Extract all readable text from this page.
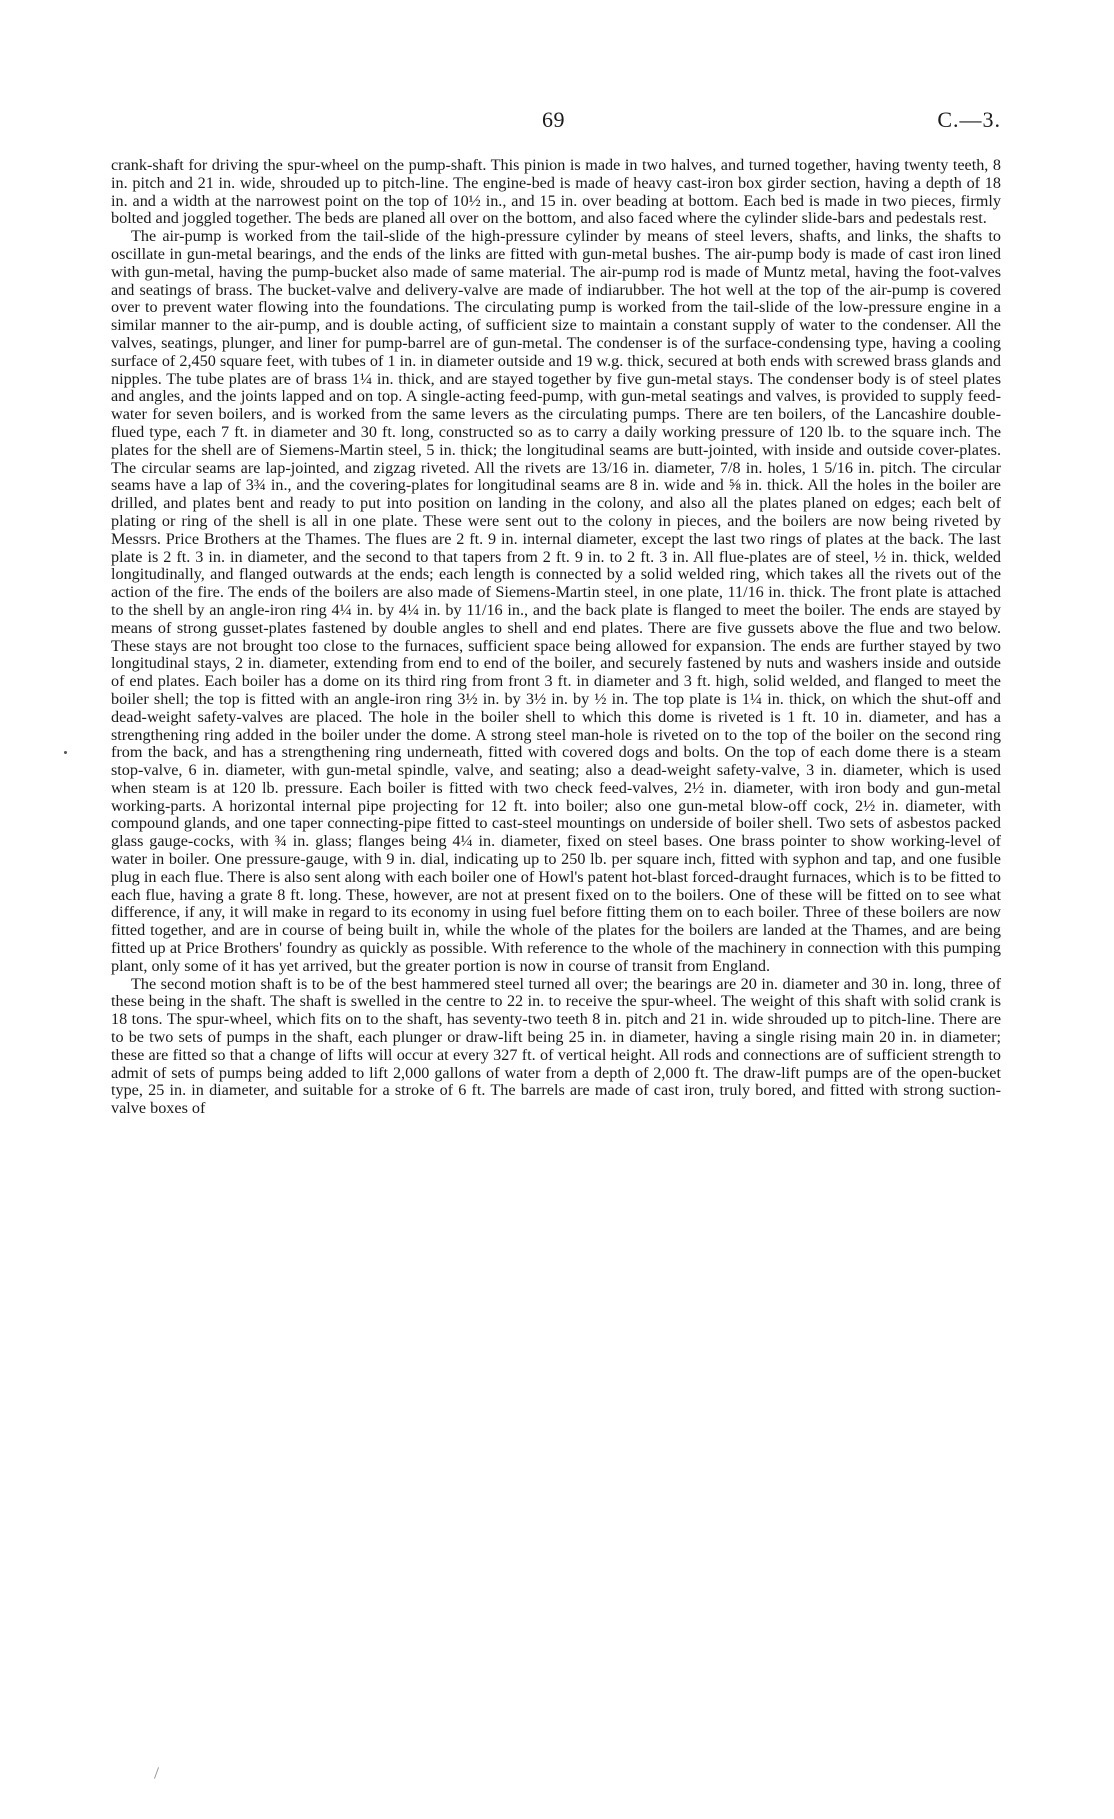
69	C.—3.

crank-shaft for driving the spur-wheel on the pump-shaft. This pinion is made in two halves, and turned together, having twenty teeth, 8 in. pitch and 21 in. wide, shrouded up to pitch-line. The engine-bed is made of heavy cast-iron box girder section, having a depth of 18 in. and a width at the narrowest point on the top of 10½ in., and 15 in. over beading at bottom. Each bed is made in two pieces, firmly bolted and joggled together. The beds are planed all over on the bottom, and also faced where the cylinder slide-bars and pedestals rest.

The air-pump is worked from the tail-slide of the high-pressure cylinder by means of steel levers, shafts, and links, the shafts to oscillate in gun-metal bearings, and the ends of the links are fitted with gun-metal bushes. The air-pump body is made of cast iron lined with gun-metal, having the pump-bucket also made of same material. The air-pump rod is made of Muntz metal, having the foot-valves and seatings of brass. The bucket-valve and delivery-valve are made of indiarubber. The hot well at the top of the air-pump is covered over to prevent water flowing into the foundations. The circulating pump is worked from the tail-slide of the low-pressure engine in a similar manner to the air-pump, and is double acting, of sufficient size to maintain a constant supply of water to the condenser. All the valves, seatings, plunger, and liner for pump-barrel are of gun-metal. The condenser is of the surface-condensing type, having a cooling surface of 2,450 square feet, with tubes of 1 in. in diameter outside and 19 w.g. thick, secured at both ends with screwed brass glands and nipples. The tube plates are of brass 1¼ in. thick, and are stayed together by five gun-metal stays. The condenser body is of steel plates and angles, and the joints lapped and on top. A single-acting feed-pump, with gun-metal seatings and valves, is provided to supply feed-water for seven boilers, and is worked from the same levers as the circulating pumps. There are ten boilers, of the Lancashire double-flued type, each 7 ft. in diameter and 30 ft. long, constructed so as to carry a daily working pressure of 120 lb. to the square inch. The plates for the shell are of Siemens-Martin steel, 5 in. thick; the longitudinal seams are butt-jointed, with inside and outside cover-plates. The circular seams are lap-jointed, and zigzag riveted. All the rivets are 13/16 in. diameter, 7/8 in. holes, 1 5/16 in. pitch. The circular seams have a lap of 3¾ in., and the covering-plates for longitudinal seams are 8 in. wide and ⅝ in. thick. All the holes in the boiler are drilled, and plates bent and ready to put into position on landing in the colony, and also all the plates planed on edges; each belt of plating or ring of the shell is all in one plate. These were sent out to the colony in pieces, and the boilers are now being riveted by Messrs. Price Brothers at the Thames. The flues are 2 ft. 9 in. internal diameter, except the last two rings of plates at the back. The last plate is 2 ft. 3 in. in diameter, and the second to that tapers from 2 ft. 9 in. to 2 ft. 3 in. All flue-plates are of steel, ½ in. thick, welded longitudinally, and flanged outwards at the ends; each length is connected by a solid welded ring, which takes all the rivets out of the action of the fire. The ends of the boilers are also made of Siemens-Martin steel, in one plate, 11/16 in. thick. The front plate is attached to the shell by an angle-iron ring 4¼ in. by 4¼ in. by 11/16 in., and the back plate is flanged to meet the boiler. The ends are stayed by means of strong gusset-plates fastened by double angles to shell and end plates. There are five gussets above the flue and two below. These stays are not brought too close to the furnaces, sufficient space being allowed for expansion. The ends are further stayed by two longitudinal stays, 2 in. diameter, extending from end to end of the boiler, and securely fastened by nuts and washers inside and outside of end plates. Each boiler has a dome on its third ring from front 3 ft. in diameter and 3 ft. high, solid welded, and flanged to meet the boiler shell; the top is fitted with an angle-iron ring 3½ in. by 3½ in. by ½ in. The top plate is 1¼ in. thick, on which the shut-off and dead-weight safety-valves are placed. The hole in the boiler shell to which this dome is riveted is 1 ft. 10 in. diameter, and has a strengthening ring added in the boiler under the dome. A strong steel man-hole is riveted on to the top of the boiler on the second ring from the back, and has a strengthening ring underneath, fitted with covered dogs and bolts. On the top of each dome there is a steam stop-valve, 6 in. diameter, with gun-metal spindle, valve, and seating; also a dead-weight safety-valve, 3 in. diameter, which is used when steam is at 120 lb. pressure. Each boiler is fitted with two check feed-valves, 2½ in. diameter, with iron body and gun-metal working-parts. A horizontal internal pipe projecting for 12 ft. into boiler; also one gun-metal blow-off cock, 2½ in. diameter, with compound glands, and one taper connecting-pipe fitted to cast-steel mountings on underside of boiler shell. Two sets of asbestos packed glass gauge-cocks, with ¾ in. glass; flanges being 4¼ in. diameter, fixed on steel bases. One brass pointer to show working-level of water in boiler. One pressure-gauge, with 9 in. dial, indicating up to 250 lb. per square inch, fitted with syphon and tap, and one fusible plug in each flue. There is also sent along with each boiler one of Howl's patent hot-blast forced-draught furnaces, which is to be fitted to each flue, having a grate 8 ft. long. These, however, are not at present fixed on to the boilers. One of these will be fitted on to see what difference, if any, it will make in regard to its economy in using fuel before fitting them on to each boiler. Three of these boilers are now fitted together, and are in course of being built in, while the whole of the plates for the boilers are landed at the Thames, and are being fitted up at Price Brothers' foundry as quickly as possible. With reference to the whole of the machinery in connection with this pumping plant, only some of it has yet arrived, but the greater portion is now in course of transit from England.

The second motion shaft is to be of the best hammered steel turned all over; the bearings are 20 in. diameter and 30 in. long, three of these being in the shaft. The shaft is swelled in the centre to 22 in. to receive the spur-wheel. The weight of this shaft with solid crank is 18 tons. The spur-wheel, which fits on to the shaft, has seventy-two teeth 8 in. pitch and 21 in. wide shrouded up to pitch-line. There are to be two sets of pumps in the shaft, each plunger or draw-lift being 25 in. in diameter, having a single rising main 20 in. in diameter; these are fitted so that a change of lifts will occur at every 327 ft. of vertical height. All rods and connections are of sufficient strength to admit of sets of pumps being added to lift 2,000 gallons of water from a depth of 2,000 ft. The draw-lift pumps are of the open-bucket type, 25 in. in diameter, and suitable for a stroke of 6 ft. The barrels are made of cast iron, truly bored, and fitted with strong suction-valve boxes of
